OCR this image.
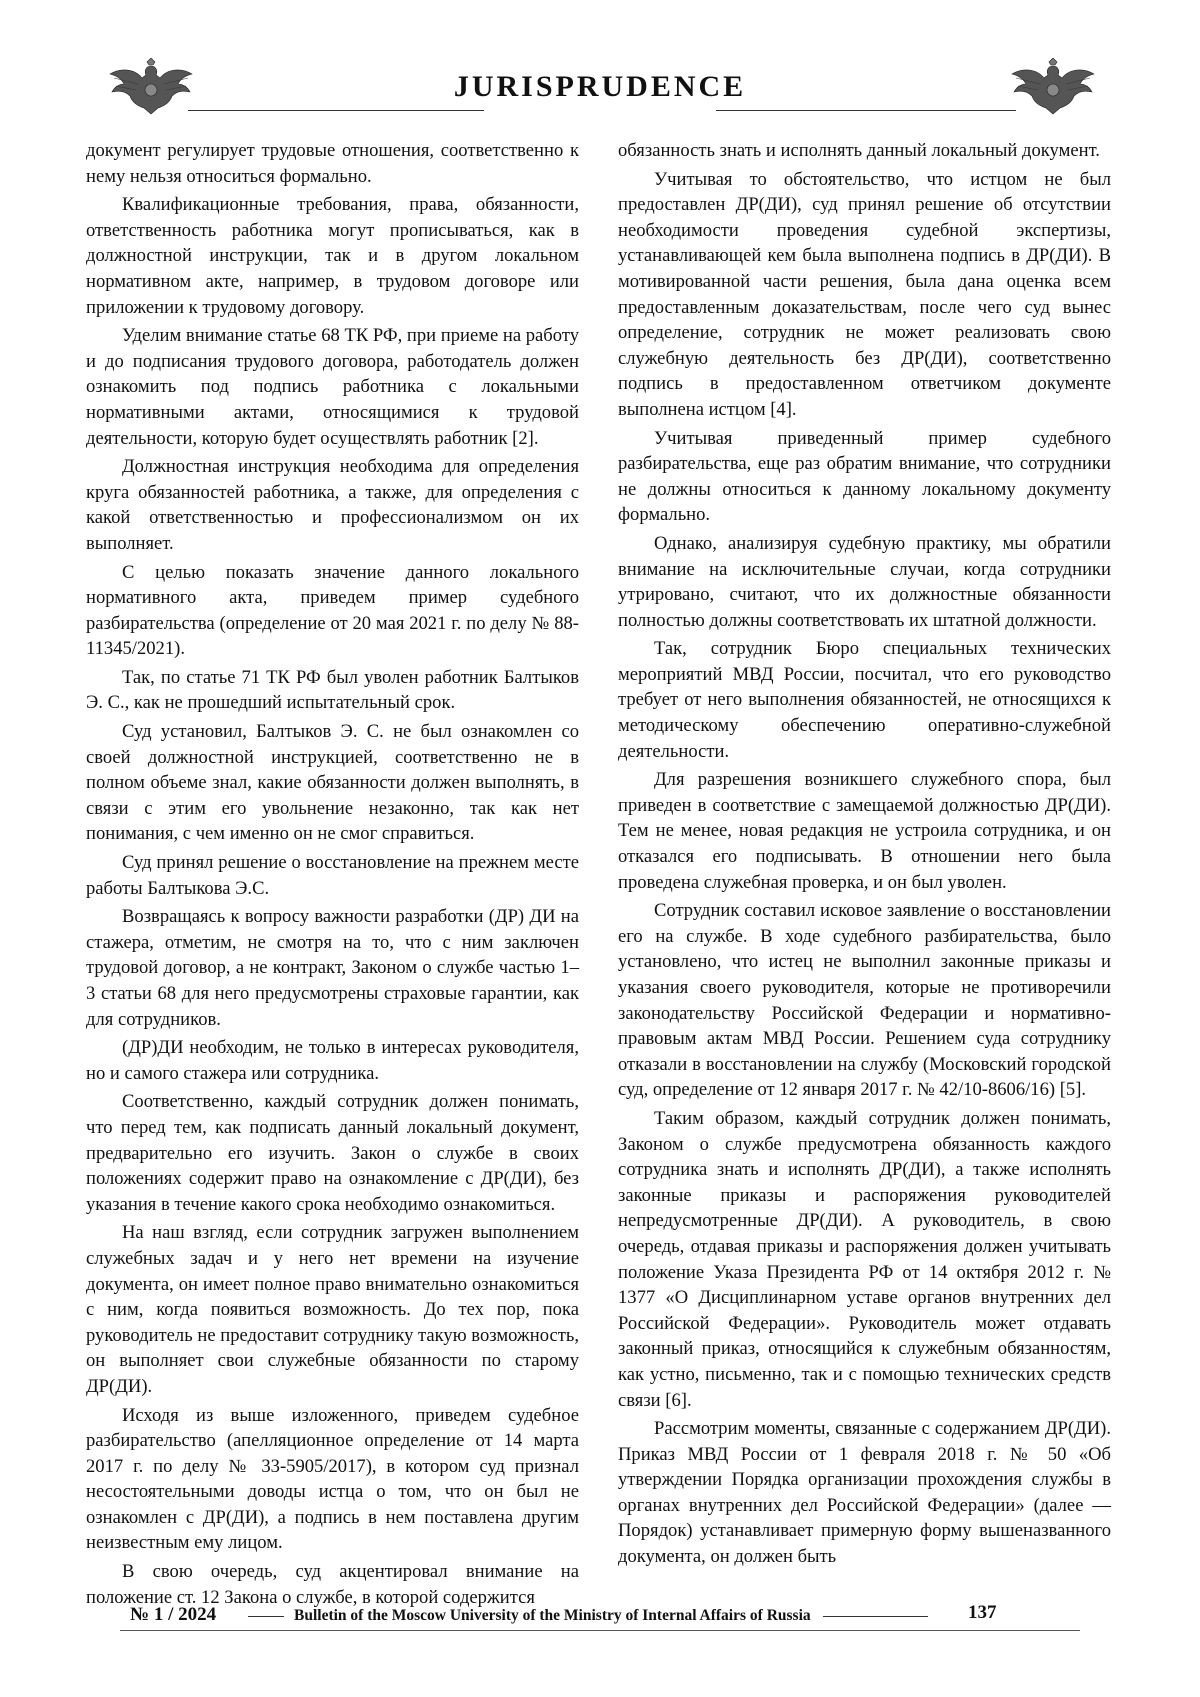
JURISPRUDENCE

документ регулирует трудовые отношения, соответственно к нему нельзя относиться формально.

Квалификационные требования, права, обязанности, ответственность работника могут прописываться, как в должностной инструкции, так и в другом локальном нормативном акте, например, в трудовом договоре или приложении к трудовому договору.

Уделим внимание статье 68 ТК РФ, при приеме на работу и до подписания трудового договора, работодатель должен ознакомить под подпись работника с локальными нормативными актами, относящимися к трудовой деятельности, которую будет осуществлять работник [2].

Должностная инструкция необходима для определения круга обязанностей работника, а также, для определения с какой ответственностью и профессионализмом он их выполняет.

С целью показать значение данного локального нормативного акта, приведем пример судебного разбирательства (определение от 20 мая 2021 г. по делу № 88-11345/2021).

Так, по статье 71 ТК РФ был уволен работник Балтыков Э. С., как не прошедший испытательный срок.

Суд установил, Балтыков Э. С. не был ознакомлен со своей должностной инструкцией, соответственно не в полном объеме знал, какие обязанности должен выполнять, в связи с этим его увольнение незаконно, так как нет понимания, с чем именно он не смог справиться.

Суд принял решение о восстановление на прежнем месте работы Балтыкова Э.С.

Возвращаясь к вопросу важности разработки (ДР) ДИ на стажера, отметим, не смотря на то, что с ним заключен трудовой договор, а не контракт, Законом о службе частью 1–3 статьи 68 для него предусмотрены страховые гарантии, как для сотрудников.

(ДР)ДИ необходим, не только в интересах руководителя, но и самого стажера или сотрудника.

Соответственно, каждый сотрудник должен понимать, что перед тем, как подписать данный локальный документ, предварительно его изучить. Закон о службе в своих положениях содержит право на ознакомление с ДР(ДИ), без указания в течение какого срока необходимо ознакомиться.

На наш взгляд, если сотрудник загружен выполнением служебных задач и у него нет времени на изучение документа, он имеет полное право внимательно ознакомиться с ним, когда появиться возможность. До тех пор, пока руководитель не предоставит сотруднику такую возможность, он выполняет свои служебные обязанности по старому ДР(ДИ).

Исходя из выше изложенного, приведем судебное разбирательство (апелляционное определение от 14 марта 2017 г. по делу № 33-5905/2017), в котором суд признал несостоятельными доводы истца о том, что он был не ознакомлен с ДР(ДИ), а подпись в нем поставлена другим неизвестным ему лицом.

В свою очередь, суд акцентировал внимание на положение ст. 12 Закона о службе, в которой содержится

обязанность знать и исполнять данный локальный документ.

Учитывая то обстоятельство, что истцом не был предоставлен ДР(ДИ), суд принял решение об отсутствии необходимости проведения судебной экспертизы, устанавливающей кем была выполнена подпись в ДР(ДИ). В мотивированной части решения, была дана оценка всем предоставленным доказательствам, после чего суд вынес определение, сотрудник не может реализовать свою служебную деятельность без ДР(ДИ), соответственно подпись в предоставленном ответчиком документе выполнена истцом [4].

Учитывая приведенный пример судебного разбирательства, еще раз обратим внимание, что сотрудники не должны относиться к данному локальному документу формально.

Однако, анализируя судебную практику, мы обратили внимание на исключительные случаи, когда сотрудники утрировано, считают, что их должностные обязанности полностью должны соответствовать их штатной должности.

Так, сотрудник Бюро специальных технических мероприятий МВД России, посчитал, что его руководство требует от него выполнения обязанностей, не относящихся к методическому обеспечению оперативно-служебной деятельности.

Для разрешения возникшего служебного спора, был приведен в соответствие с замещаемой должностью ДР(ДИ). Тем не менее, новая редакция не устроила сотрудника, и он отказался его подписывать. В отношении него была проведена служебная проверка, и он был уволен.

Сотрудник составил исковое заявление о восстановлении его на службе. В ходе судебного разбирательства, было установлено, что истец не выполнил законные приказы и указания своего руководителя, которые не противоречили законодательству Российской Федерации и нормативно-правовым актам МВД России. Решением суда сотруднику отказали в восстановлении на службу (Московский городской суд, определение от 12 января 2017 г. № 42/10-8606/16) [5].

Таким образом, каждый сотрудник должен понимать, Законом о службе предусмотрена обязанность каждого сотрудника знать и исполнять ДР(ДИ), а также исполнять законные приказы и распоряжения руководителей непредусмотренные ДР(ДИ). А руководитель, в свою очередь, отдавая приказы и распоряжения должен учитывать положение Указа Президента РФ от 14 октября 2012 г. № 1377 «О Дисциплинарном уставе органов внутренних дел Российской Федерации». Руководитель может отдавать законный приказ, относящийся к служебным обязанностям, как устно, письменно, так и с помощью технических средств связи [6].

Рассмотрим моменты, связанные с содержанием ДР(ДИ). Приказ МВД России от 1 февраля 2018 г. № 50 «Об утверждении Порядка организации прохождения службы в органах внутренних дел Российской Федерации» (далее — Порядок) устанавливает примерную форму вышеназванного документа, он должен быть

№ 1 / 2024	Bulletin of the Moscow University of the Ministry of Internal Affairs of Russia	137
